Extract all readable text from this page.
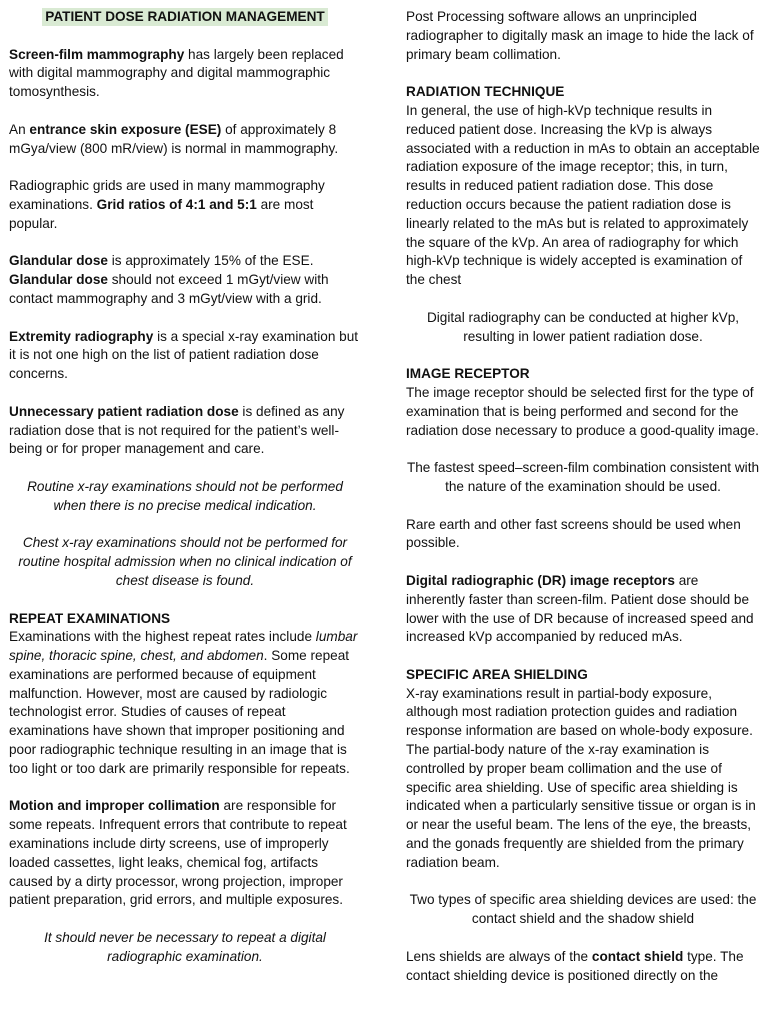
PATIENT DOSE RADIATION MANAGEMENT

Screen-film mammography has largely been replaced with digital mammography and digital mammographic tomosynthesis.

An entrance skin exposure (ESE) of approximately 8 mGya/view (800 mR/view) is normal in mammography.

Radiographic grids are used in many mammography examinations. Grid ratios of 4:1 and 5:1 are most popular.

Glandular dose is approximately 15% of the ESE. Glandular dose should not exceed 1 mGyt/view with contact mammography and 3 mGyt/view with a grid.

Extremity radiography is a special x-ray examination but it is not one high on the list of patient radiation dose concerns.

Unnecessary patient radiation dose is defined as any radiation dose that is not required for the patient’s well-being or for proper management and care.

Routine x-ray examinations should not be performed when there is no precise medical indication.

Chest x-ray examinations should not be performed for routine hospital admission when no clinical indication of chest disease is found.

REPEAT EXAMINATIONS
Examinations with the highest repeat rates include lumbar spine, thoracic spine, chest, and abdomen. Some repeat examinations are performed because of equipment malfunction. However, most are caused by radiologic technologist error. Studies of causes of repeat examinations have shown that improper positioning and poor radiographic technique resulting in an image that is too light or too dark are primarily responsible for repeats.

Motion and improper collimation are responsible for some repeats. Infrequent errors that contribute to repeat examinations include dirty screens, use of improperly loaded cassettes, light leaks, chemical fog, artifacts caused by a dirty processor, wrong projection, improper patient preparation, grid errors, and multiple exposures.

It should never be necessary to repeat a digital radiographic examination.

Post Processing software allows an unprincipled radiographer to digitally mask an image to hide the lack of primary beam collimation.

RADIATION TECHNIQUE
In general, the use of high-kVp technique results in reduced patient dose. Increasing the kVp is always associated with a reduction in mAs to obtain an acceptable radiation exposure of the image receptor; this, in turn, results in reduced patient radiation dose. This dose reduction occurs because the patient radiation dose is linearly related to the mAs but is related to approximately the square of the kVp. An area of radiography for which high-kVp technique is widely accepted is examination of the chest

Digital radiography can be conducted at higher kVp, resulting in lower patient radiation dose.

IMAGE RECEPTOR
The image receptor should be selected first for the type of examination that is being performed and second for the radiation dose necessary to produce a good-quality image.

The fastest speed–screen-film combination consistent with the nature of the examination should be used.

Rare earth and other fast screens should be used when possible.

Digital radiographic (DR) image receptors are inherently faster than screen-film. Patient dose should be lower with the use of DR because of increased speed and increased kVp accompanied by reduced mAs.

SPECIFIC AREA SHIELDING
X-ray examinations result in partial-body exposure, although most radiation protection guides and radiation response information are based on whole-body exposure. The partial-body nature of the x-ray examination is controlled by proper beam collimation and the use of specific area shielding. Use of specific area shielding is indicated when a particularly sensitive tissue or organ is in or near the useful beam. The lens of the eye, the breasts, and the gonads frequently are shielded from the primary radiation beam.

Two types of specific area shielding devices are used: the contact shield and the shadow shield

Lens shields are always of the contact shield type. The contact shielding device is positioned directly on the
